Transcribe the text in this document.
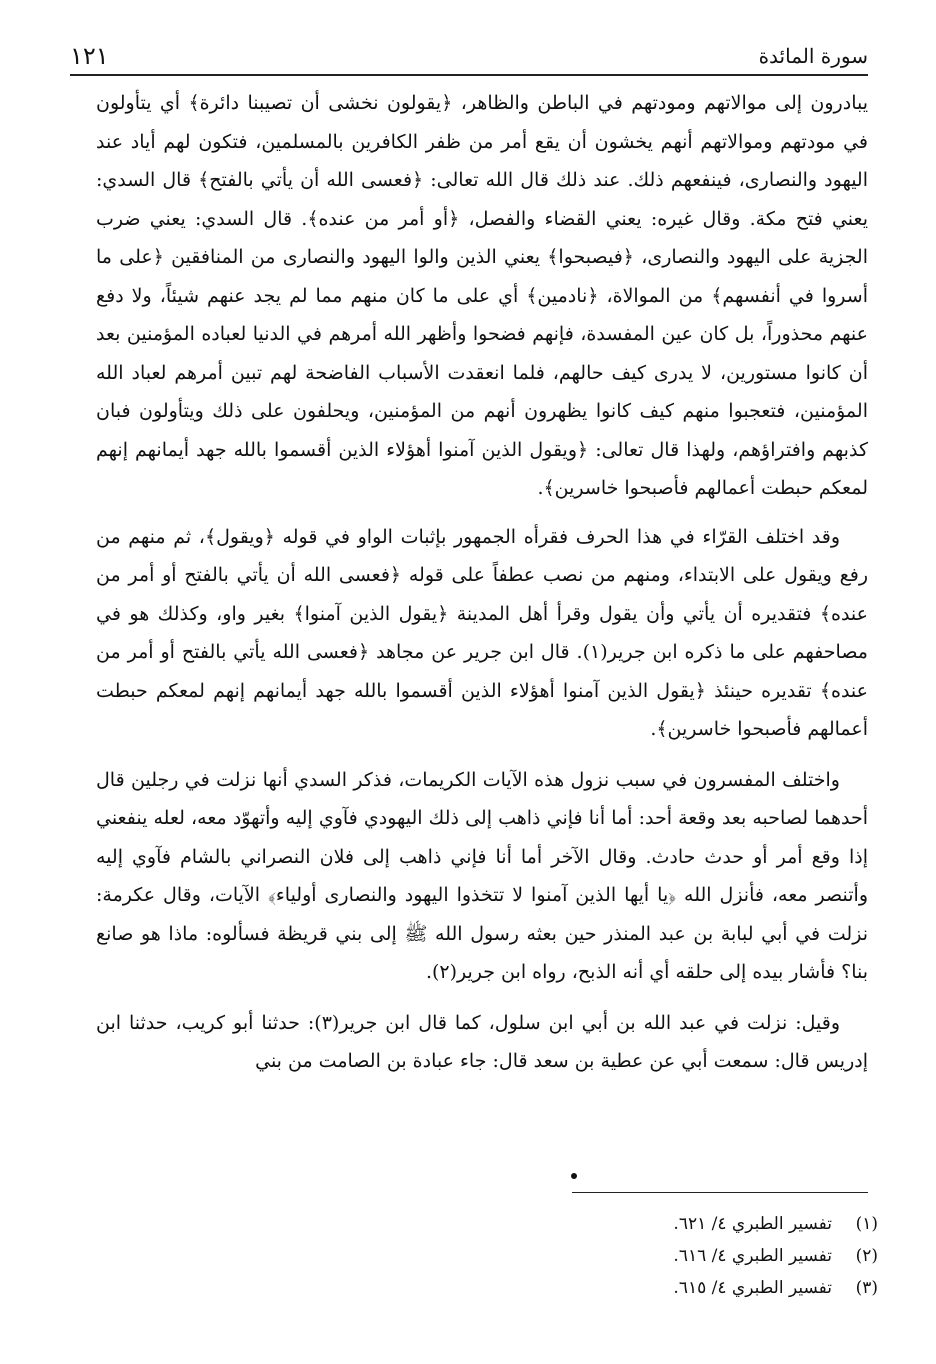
١٢١	سورة المائدة

يبادرون إلى موالاتهم ومودتهم في الباطن والظاهر، ﴿يقولون نخشى أن تصيبنا دائرة﴾ أي يتأولون في مودتهم وموالاتهم أنهم يخشون أن يقع أمر من ظفر الكافرين بالمسلمين، فتكون لهم أياد عند اليهود والنصارى، فينفعهم ذلك. عند ذلك قال الله تعالى: ﴿فعسى الله أن يأتي بالفتح﴾ قال السدي: يعني فتح مكة. وقال غيره: يعني القضاء والفصل، ﴿أو أمر من عنده﴾. قال السدي: يعني ضرب الجزية على اليهود والنصارى، ﴿فيصبحوا﴾ يعني الذين والوا اليهود والنصارى من المنافقين ﴿على ما أسروا في أنفسهم﴾ من الموالاة، ﴿نادمين﴾ أي على ما كان منهم مما لم يجد عنهم شيئاً، ولا دفع عنهم محذوراً، بل كان عين المفسدة، فإنهم فضحوا وأظهر الله أمرهم في الدنيا لعباده المؤمنين بعد أن كانوا مستورين، لا يدرى كيف حالهم، فلما انعقدت الأسباب الفاضحة لهم تبين أمرهم لعباد الله المؤمنين، فتعجبوا منهم كيف كانوا يظهرون أنهم من المؤمنين، ويحلفون على ذلك ويتأولون فبان كذبهم وافتراؤهم، ولهذا قال تعالى: ﴿ويقول الذين آمنوا أهؤلاء الذين أقسموا بالله جهد أيمانهم إنهم لمعكم حبطت أعمالهم فأصبحوا خاسرين﴾.

وقد اختلف القرّاء في هذا الحرف فقرأه الجمهور بإثبات الواو في قوله ﴿ويقول﴾، ثم منهم من رفع ويقول على الابتداء، ومنهم من نصب عطفاً على قوله ﴿فعسى الله أن يأتي بالفتح أو أمر من عنده﴾ فتقديره أن يأتي وأن يقول وقرأ أهل المدينة ﴿يقول الذين آمنوا﴾ بغير واو، وكذلك هو في مصاحفهم على ما ذكره ابن جرير(١). قال ابن جرير عن مجاهد ﴿فعسى الله يأتي بالفتح أو أمر من عنده﴾ تقديره حينئذ ﴿يقول الذين آمنوا أهؤلاء الذين أقسموا بالله جهد أيمانهم إنهم لمعكم حبطت أعمالهم فأصبحوا خاسرين﴾.

واختلف المفسرون في سبب نزول هذه الآيات الكريمات، فذكر السدي أنها نزلت في رجلين قال أحدهما لصاحبه بعد وقعة أحد: أما أنا فإني ذاهب إلى ذلك اليهودي فآوي إليه وأتهوّد معه، لعله ينفعني إذا وقع أمر أو حدث حادث. وقال الآخر أما أنا فإني ذاهب إلى فلان النصراني بالشام فآوي إليه وأتنصر معه، فأنزل الله ﴿يا أيها الذين آمنوا لا تتخذوا اليهود والنصارى أولياء﴾ الآيات، وقال عكرمة: نزلت في أبي لبابة بن عبد المنذر حين بعثه رسول الله ﷺ إلى بني قريظة فسألوه: ماذا هو صانع بنا؟ فأشار بيده إلى حلقه أي أنه الذبح، رواه ابن جرير(٢).

وقيل: نزلت في عبد الله بن أبي ابن سلول، كما قال ابن جرير(٣): حدثنا أبو كريب، حدثنا ابن إدريس قال: سمعت أبي عن عطية بن سعد قال: جاء عبادة بن الصامت من بني

(١)
تفسير الطبري ٤/ ٦٢١.
(٢)
تفسير الطبري ٤/ ٦١٦.
(٣)
تفسير الطبري ٤/ ٦١٥.
